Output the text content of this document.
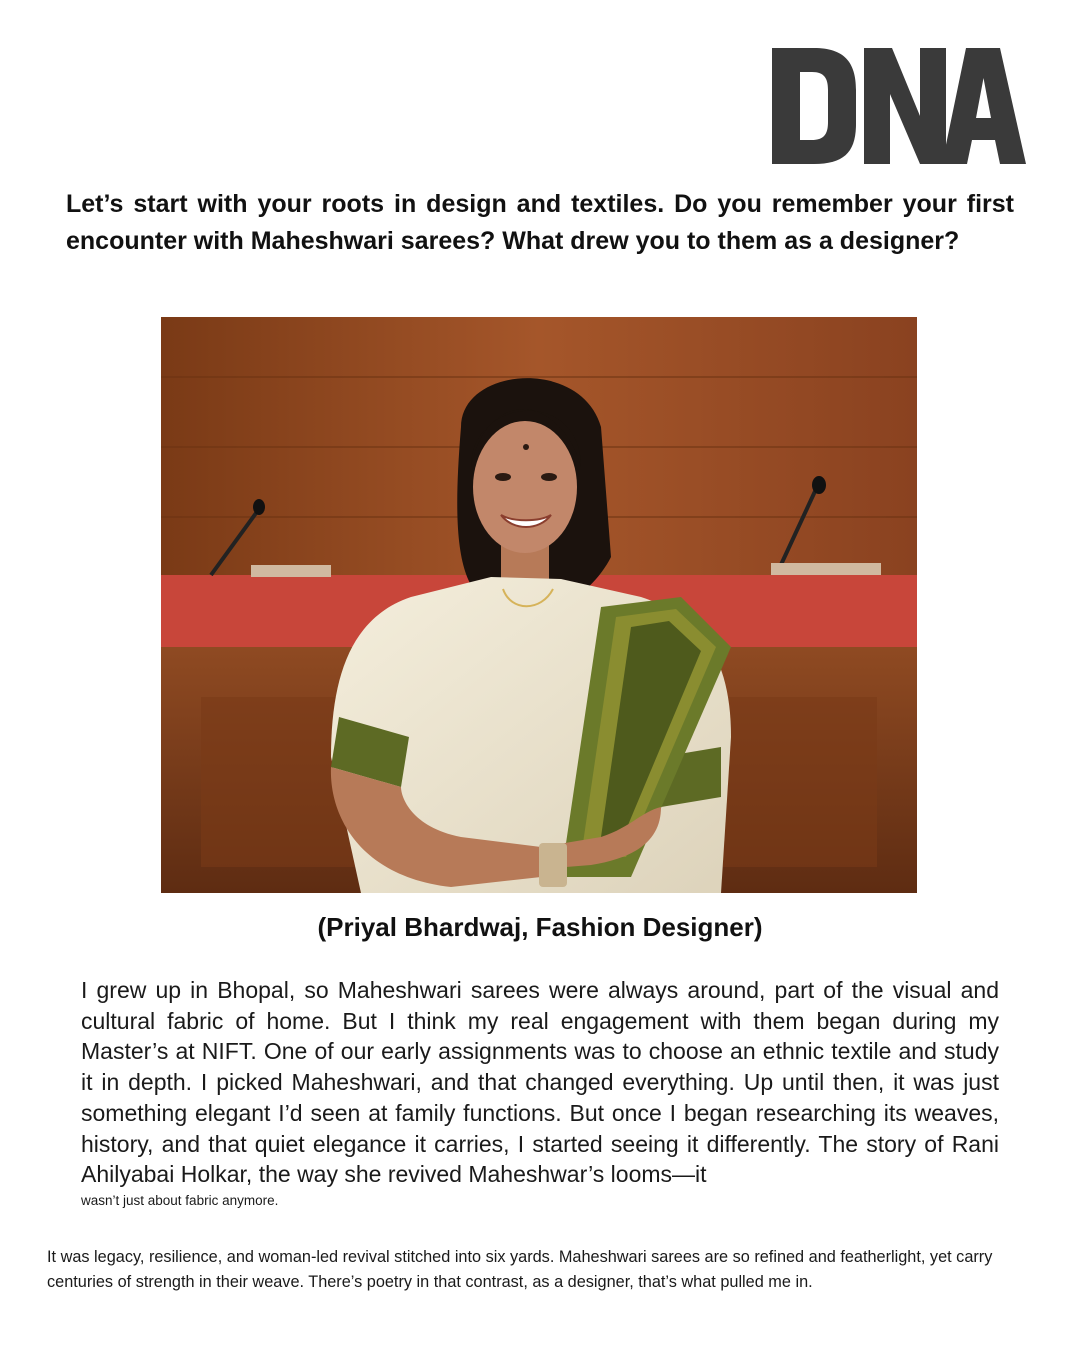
Let’s start with your roots in design and textiles. Do you remember your first encounter with Maheshwari sarees? What drew you to them as a designer?

(Priyal Bhardwaj, Fashion Designer)

I grew up in Bhopal, so Maheshwari sarees were always around, part of the visual and cultural fabric of home. But I think my real engagement with them began during my Master’s at NIFT. One of our early assignments was to choose an ethnic textile and study it in depth. I picked Maheshwari, and that changed everything. Up until then, it was just something elegant I’d seen at family functions. But once I began researching its weaves, history, and that quiet elegance it carries, I started seeing it differently. The story of Rani Ahilyabai Holkar, the way she revived Maheshwar’s looms—it

wasn’t just about fabric anymore.

It was legacy, resilience, and woman-led revival stitched into six yards. Maheshwari sarees are so refined and featherlight, yet carry centuries of strength in their weave. There’s poetry in that contrast, as a designer, that’s what pulled me in.
